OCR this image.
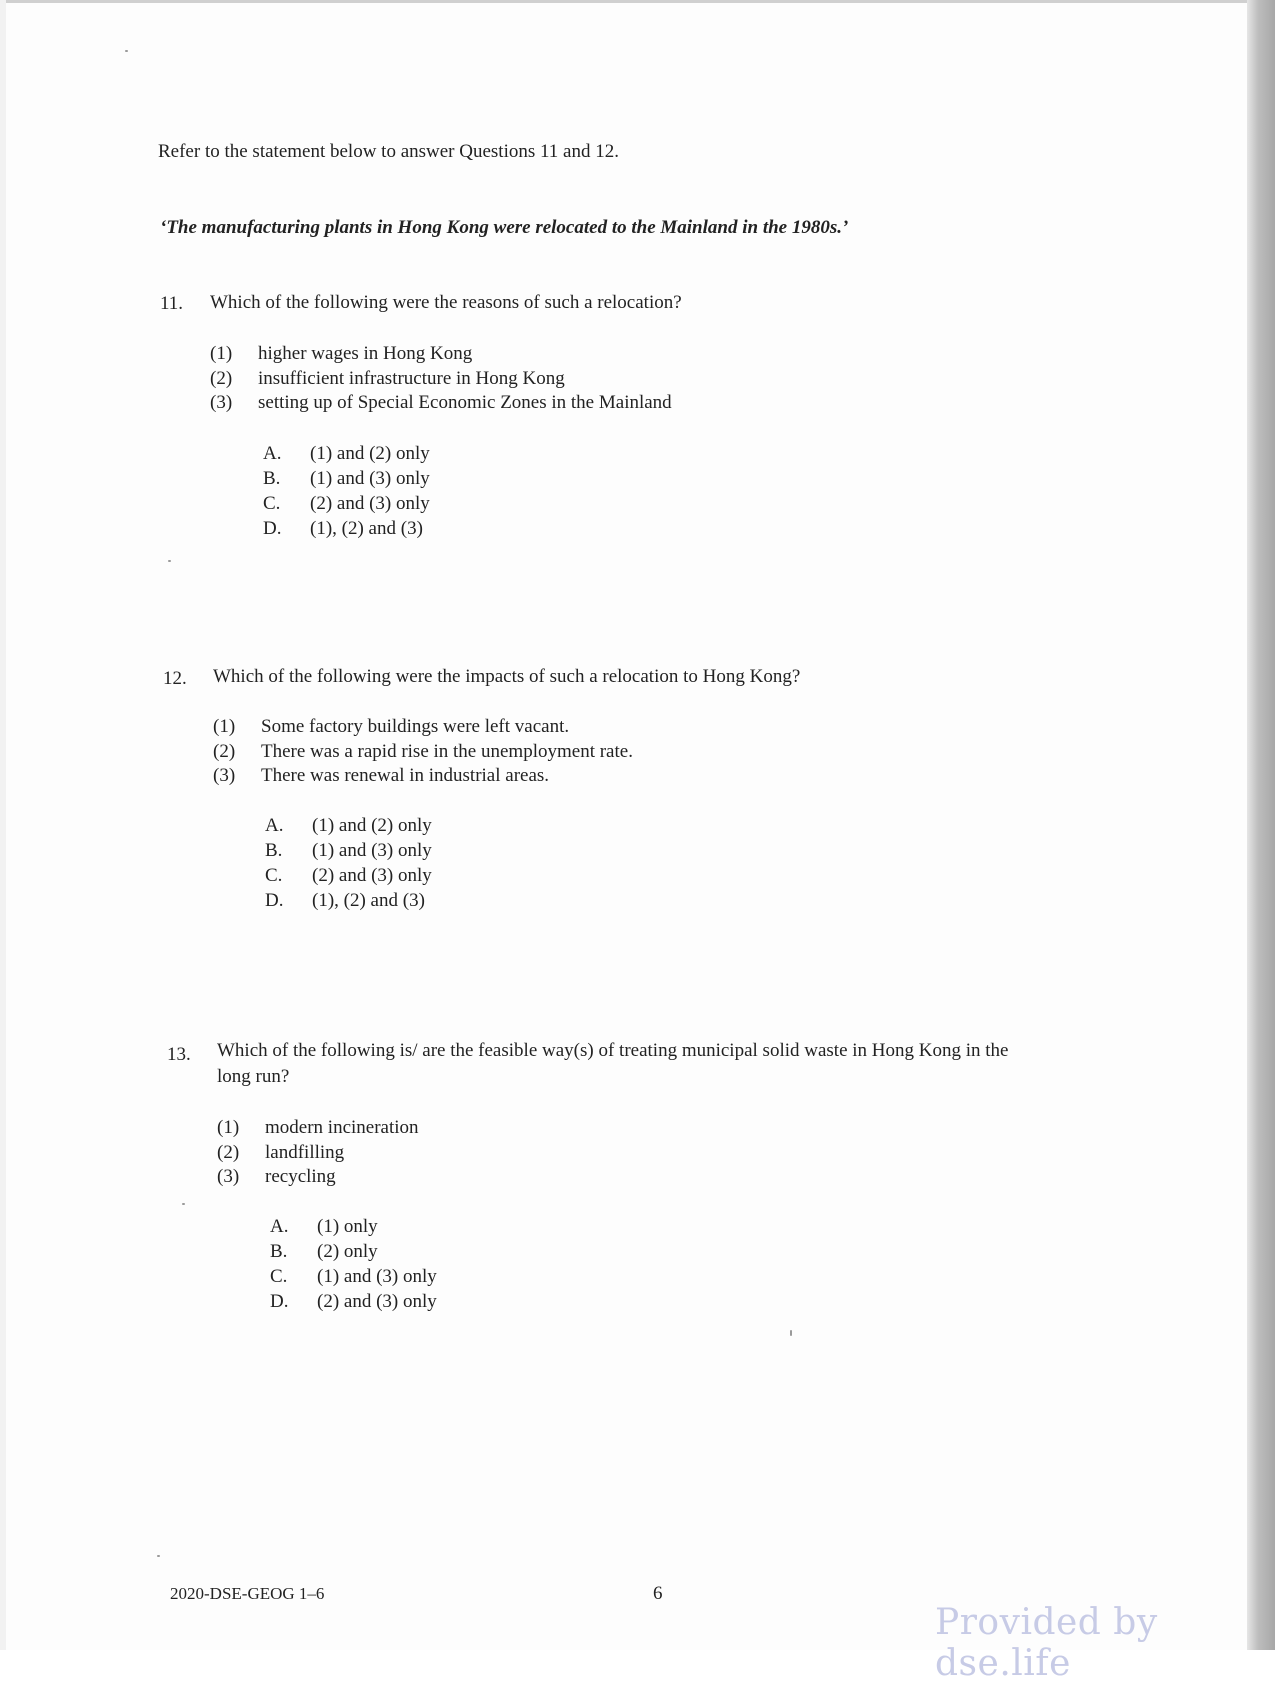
Refer to the statement below to answer Questions 11 and 12.
‘The manufacturing plants in Hong Kong were relocated to the Mainland in the 1980s.’
11. Which of the following were the reasons of such a relocation?
(1)	higher wages in Hong Kong
(2)	insufficient infrastructure in Hong Kong
(3)	setting up of Special Economic Zones in the Mainland
A.	(1) and (2) only
B.	(1) and (3) only
C.	(2) and (3) only
D.	(1), (2) and (3)
12. Which of the following were the impacts of such a relocation to Hong Kong?
(1)	Some factory buildings were left vacant.
(2)	There was a rapid rise in the unemployment rate.
(3)	There was renewal in industrial areas.
A.	(1) and (2) only
B.	(1) and (3) only
C.	(2) and (3) only
D.	(1), (2) and (3)
13. Which of the following is/ are the feasible way(s) of treating municipal solid waste in Hong Kong in the
long run?
(1)	modern incineration
(2)	landfilling
(3)	recycling
A.	(1) only
B.	(2) only
C.	(1) and (3) only
D.	(2) and (3) only
2020-DSE-GEOG 1–6	6
Provided by dse.life
